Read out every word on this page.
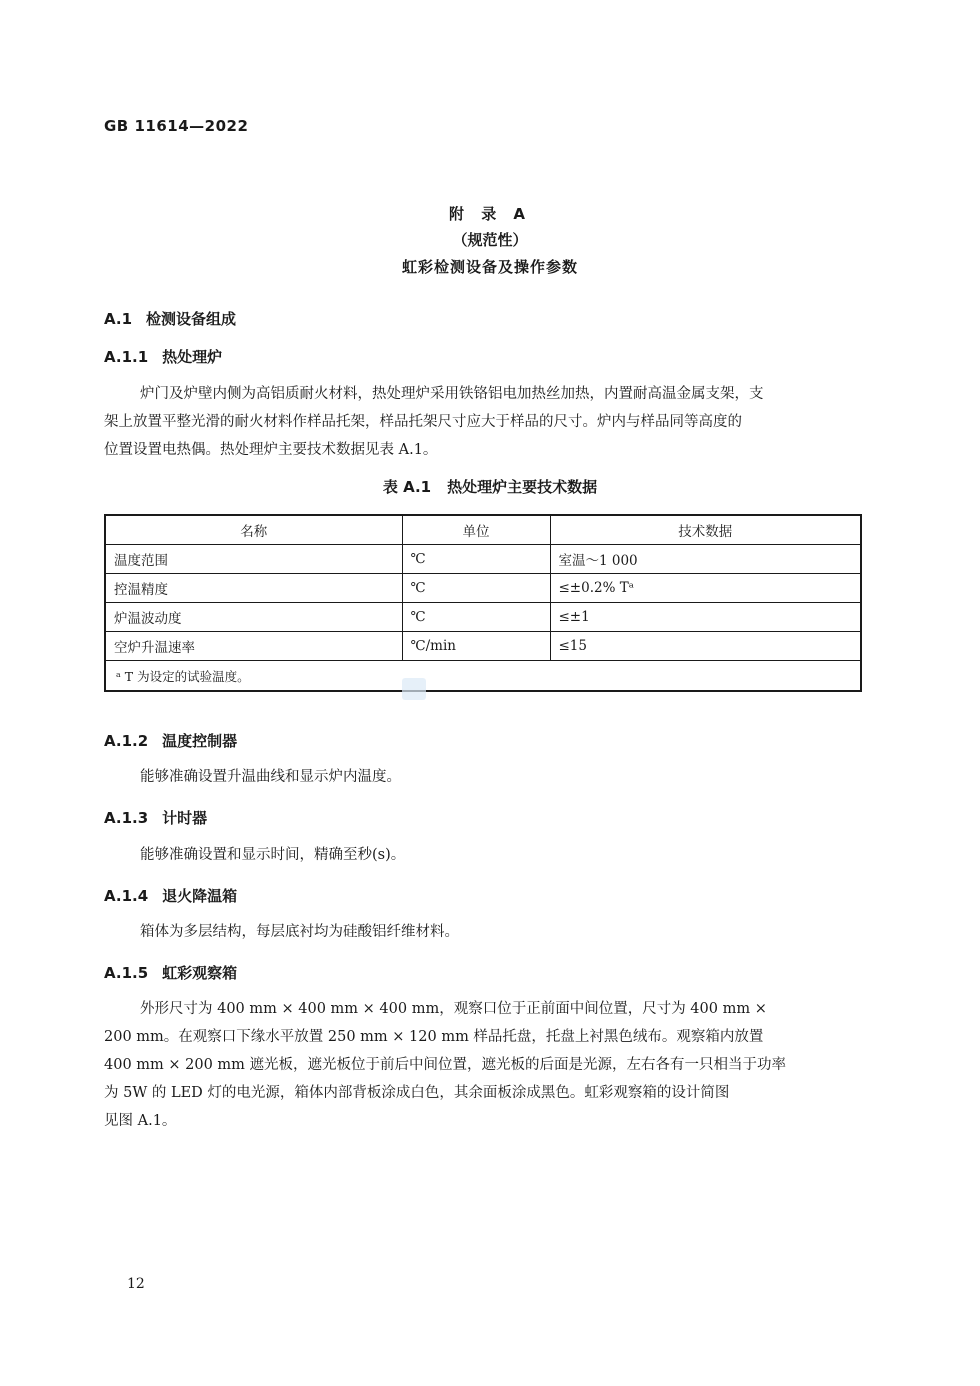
GB 11614—2022
附 录 A
（规范性）
虹彩检测设备及操作参数
A.1 检测设备组成
A.1.1 热处理炉
炉门及炉壁内侧为高铝质耐火材料，热处理炉采用铁铬铝电加热丝加热，内置耐高温金属支架，支
架上放置平整光滑的耐火材料作样品托架，样品托架尺寸应大于样品的尺寸。炉内与样品同等高度的
位置设置电热偶。热处理炉主要技术数据见表 A.1。
表 A.1 热处理炉主要技术数据
名称	单位	技术数据
温度范围	℃	室温～1 000
控温精度	℃	≤±0.2% Tᵃ
炉温波动度	℃	≤±1
空炉升温速率	℃/min	≤15
ᵃ T 为设定的试验温度。		
A.1.2 温度控制器
能够准确设置升温曲线和显示炉内温度。
A.1.3 计时器
能够准确设置和显示时间，精确至秒(s)。
A.1.4 退火降温箱
箱体为多层结构，每层底衬均为硅酸铝纤维材料。
A.1.5 虹彩观察箱
外形尺寸为 400 mm × 400 mm × 400 mm，观察口位于正前面中间位置，尺寸为 400 mm ×
200 mm。在观察口下缘水平放置 250 mm × 120 mm 样品托盘，托盘上衬黑色绒布。观察箱内放置
400 mm × 200 mm 遮光板，遮光板位于前后中间位置，遮光板的后面是光源，左右各有一只相当于功率
为 5W 的 LED 灯的电光源，箱体内部背板涂成白色，其余面板涂成黑色。虹彩观察箱的设计简图
见图 A.1。
12
